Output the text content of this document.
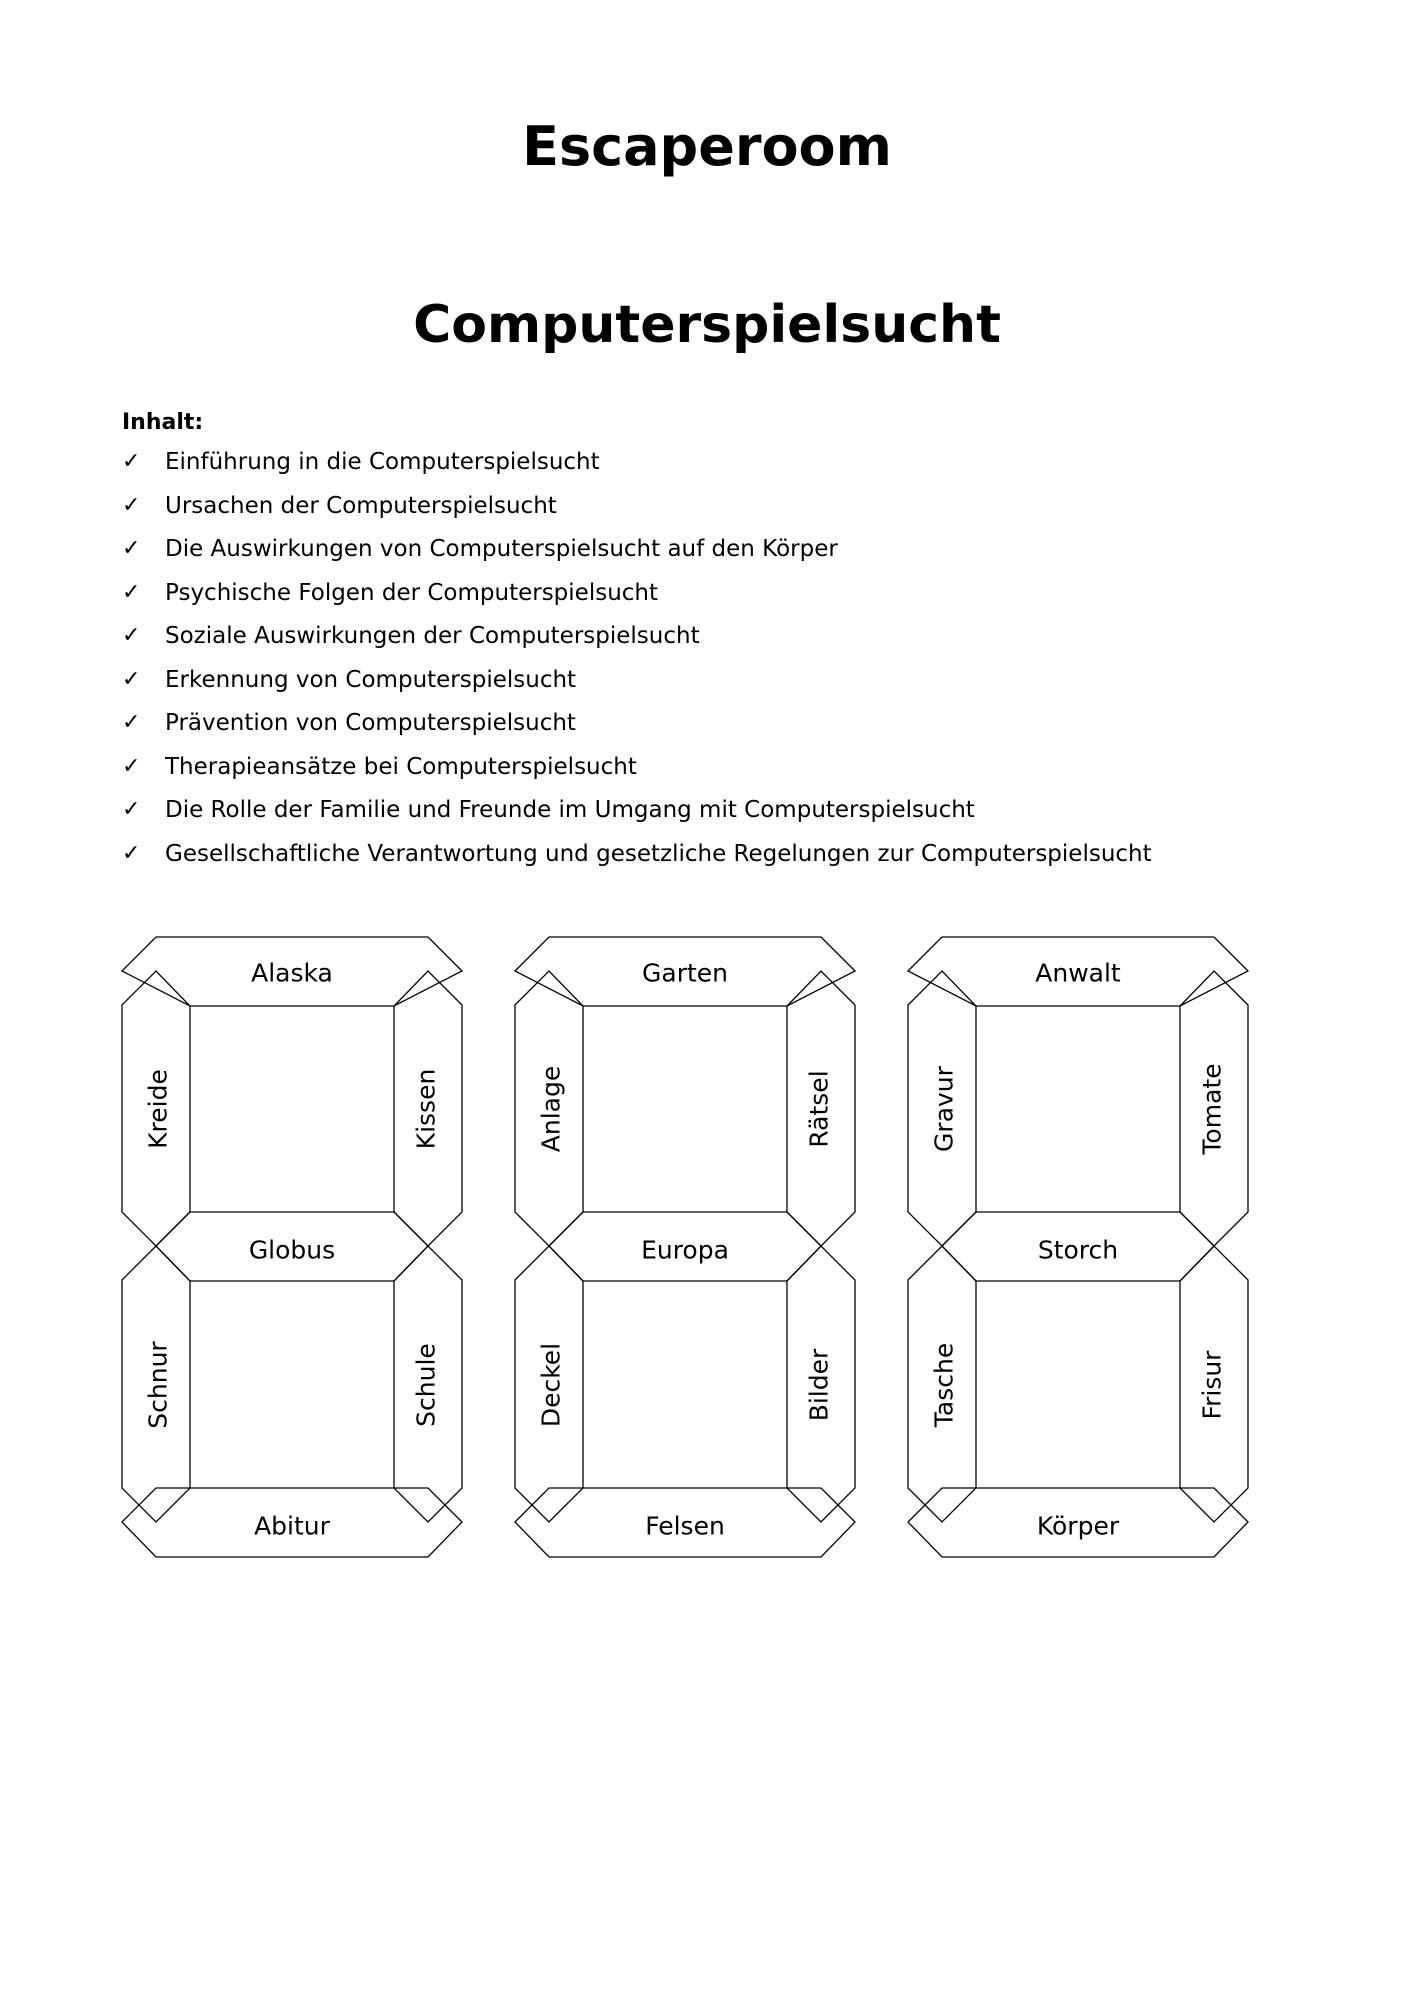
Escaperoom
Computerspielsucht
Inhalt:
✓ Einführung in die Computerspielsucht
✓ Ursachen der Computerspielsucht
✓ Die Auswirkungen von Computerspielsucht auf den Körper
✓ Psychische Folgen der Computerspielsucht
✓ Soziale Auswirkungen der Computerspielsucht
✓ Erkennung von Computerspielsucht
✓ Prävention von Computerspielsucht
✓ Therapieansätze bei Computerspielsucht
✓ Die Rolle der Familie und Freunde im Umgang mit Computerspielsucht
✓ Gesellschaftliche Verantwortung und gesetzliche Regelungen zur Computerspielsucht
Alaska
Kreide	Kissen
Globus
Schnur	Schule
Abitur
Garten
Anlage	Rätsel
Europa
Deckel	Bilder
Felsen
Anwalt
Gravur	Tomate
Storch
Tasche	Frisur
Körper
